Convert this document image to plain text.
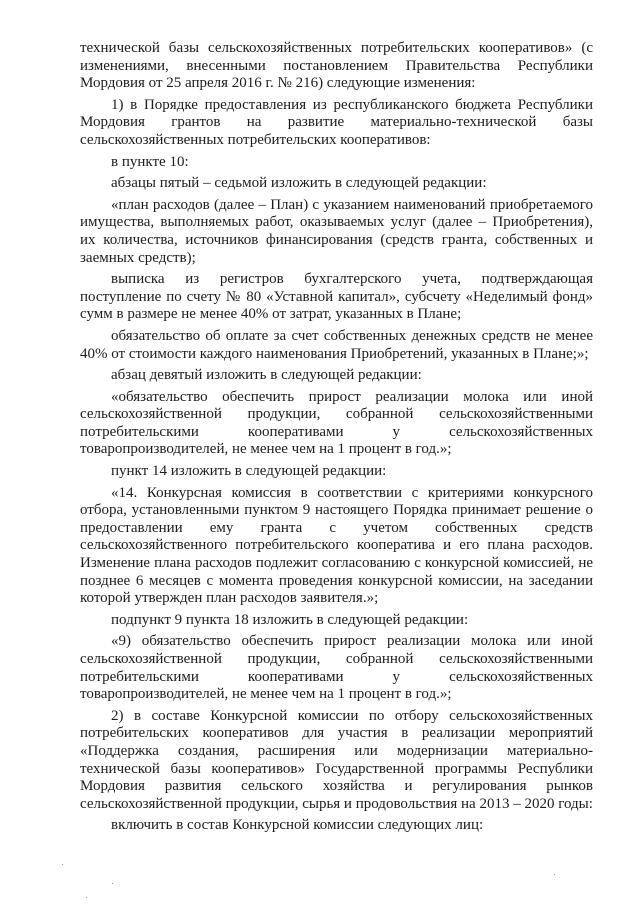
технической базы сельскохозяйственных потребительских кооперативов» (с изменениями, внесенными постановлением Правительства Республики Мордовия от 25 апреля 2016 г. № 216) следующие изменения:

1) в Порядке предоставления из республиканского бюджета Республики Мордовия грантов на развитие материально-технической базы сельскохозяйственных потребительских кооперативов:

в пункте 10:

абзацы пятый – седьмой изложить в следующей редакции:

«план расходов (далее – План) с указанием наименований приобретаемого имущества, выполняемых работ, оказываемых услуг (далее – Приобретения), их количества, источников финансирования (средств гранта, собственных и заемных средств);

выписка из регистров бухгалтерского учета, подтверждающая поступление по счету № 80 «Уставной капитал», субсчету «Неделимый фонд» сумм в размере не менее 40% от затрат, указанных в Плане;

обязательство об оплате за счет собственных денежных средств не менее 40% от стоимости каждого наименования Приобретений, указанных в Плане;»;

абзац девятый изложить в следующей редакции:

«обязательство обеспечить прирост реализации молока или иной сельскохозяйственной продукции, собранной сельскохозяйственными потребительскими кооперативами у сельскохозяйственных товаропроизводителей, не менее чем на 1 процент в год.»;

пункт 14 изложить в следующей редакции:

«14. Конкурсная комиссия в соответствии с критериями конкурсного отбора, установленными пунктом 9 настоящего Порядка принимает решение о предоставлении ему гранта с учетом собственных средств сельскохозяйственного потребительского кооператива и его плана расходов. Изменение плана расходов подлежит согласованию с конкурсной комиссией, не позднее 6 месяцев с момента проведения конкурсной комиссии, на заседании которой утвержден план расходов заявителя.»;

подпункт 9 пункта 18 изложить в следующей редакции:

«9) обязательство обеспечить прирост реализации молока или иной сельскохозяйственной продукции, собранной сельскохозяйственными потребительскими кооперативами у сельскохозяйственных товаропроизводителей, не менее чем на 1 процент в год.»;

2) в составе Конкурсной комиссии по отбору сельскохозяйственных потребительских кооперативов для участия в реализации мероприятий «Поддержка создания, расширения или модернизации материально-технической базы кооперативов» Государственной программы Республики Мордовия развития сельского хозяйства и регулирования рынков сельскохозяйственной продукции, сырья и продовольствия на 2013 – 2020 годы:

включить в состав Конкурсной комиссии следующих лиц:
